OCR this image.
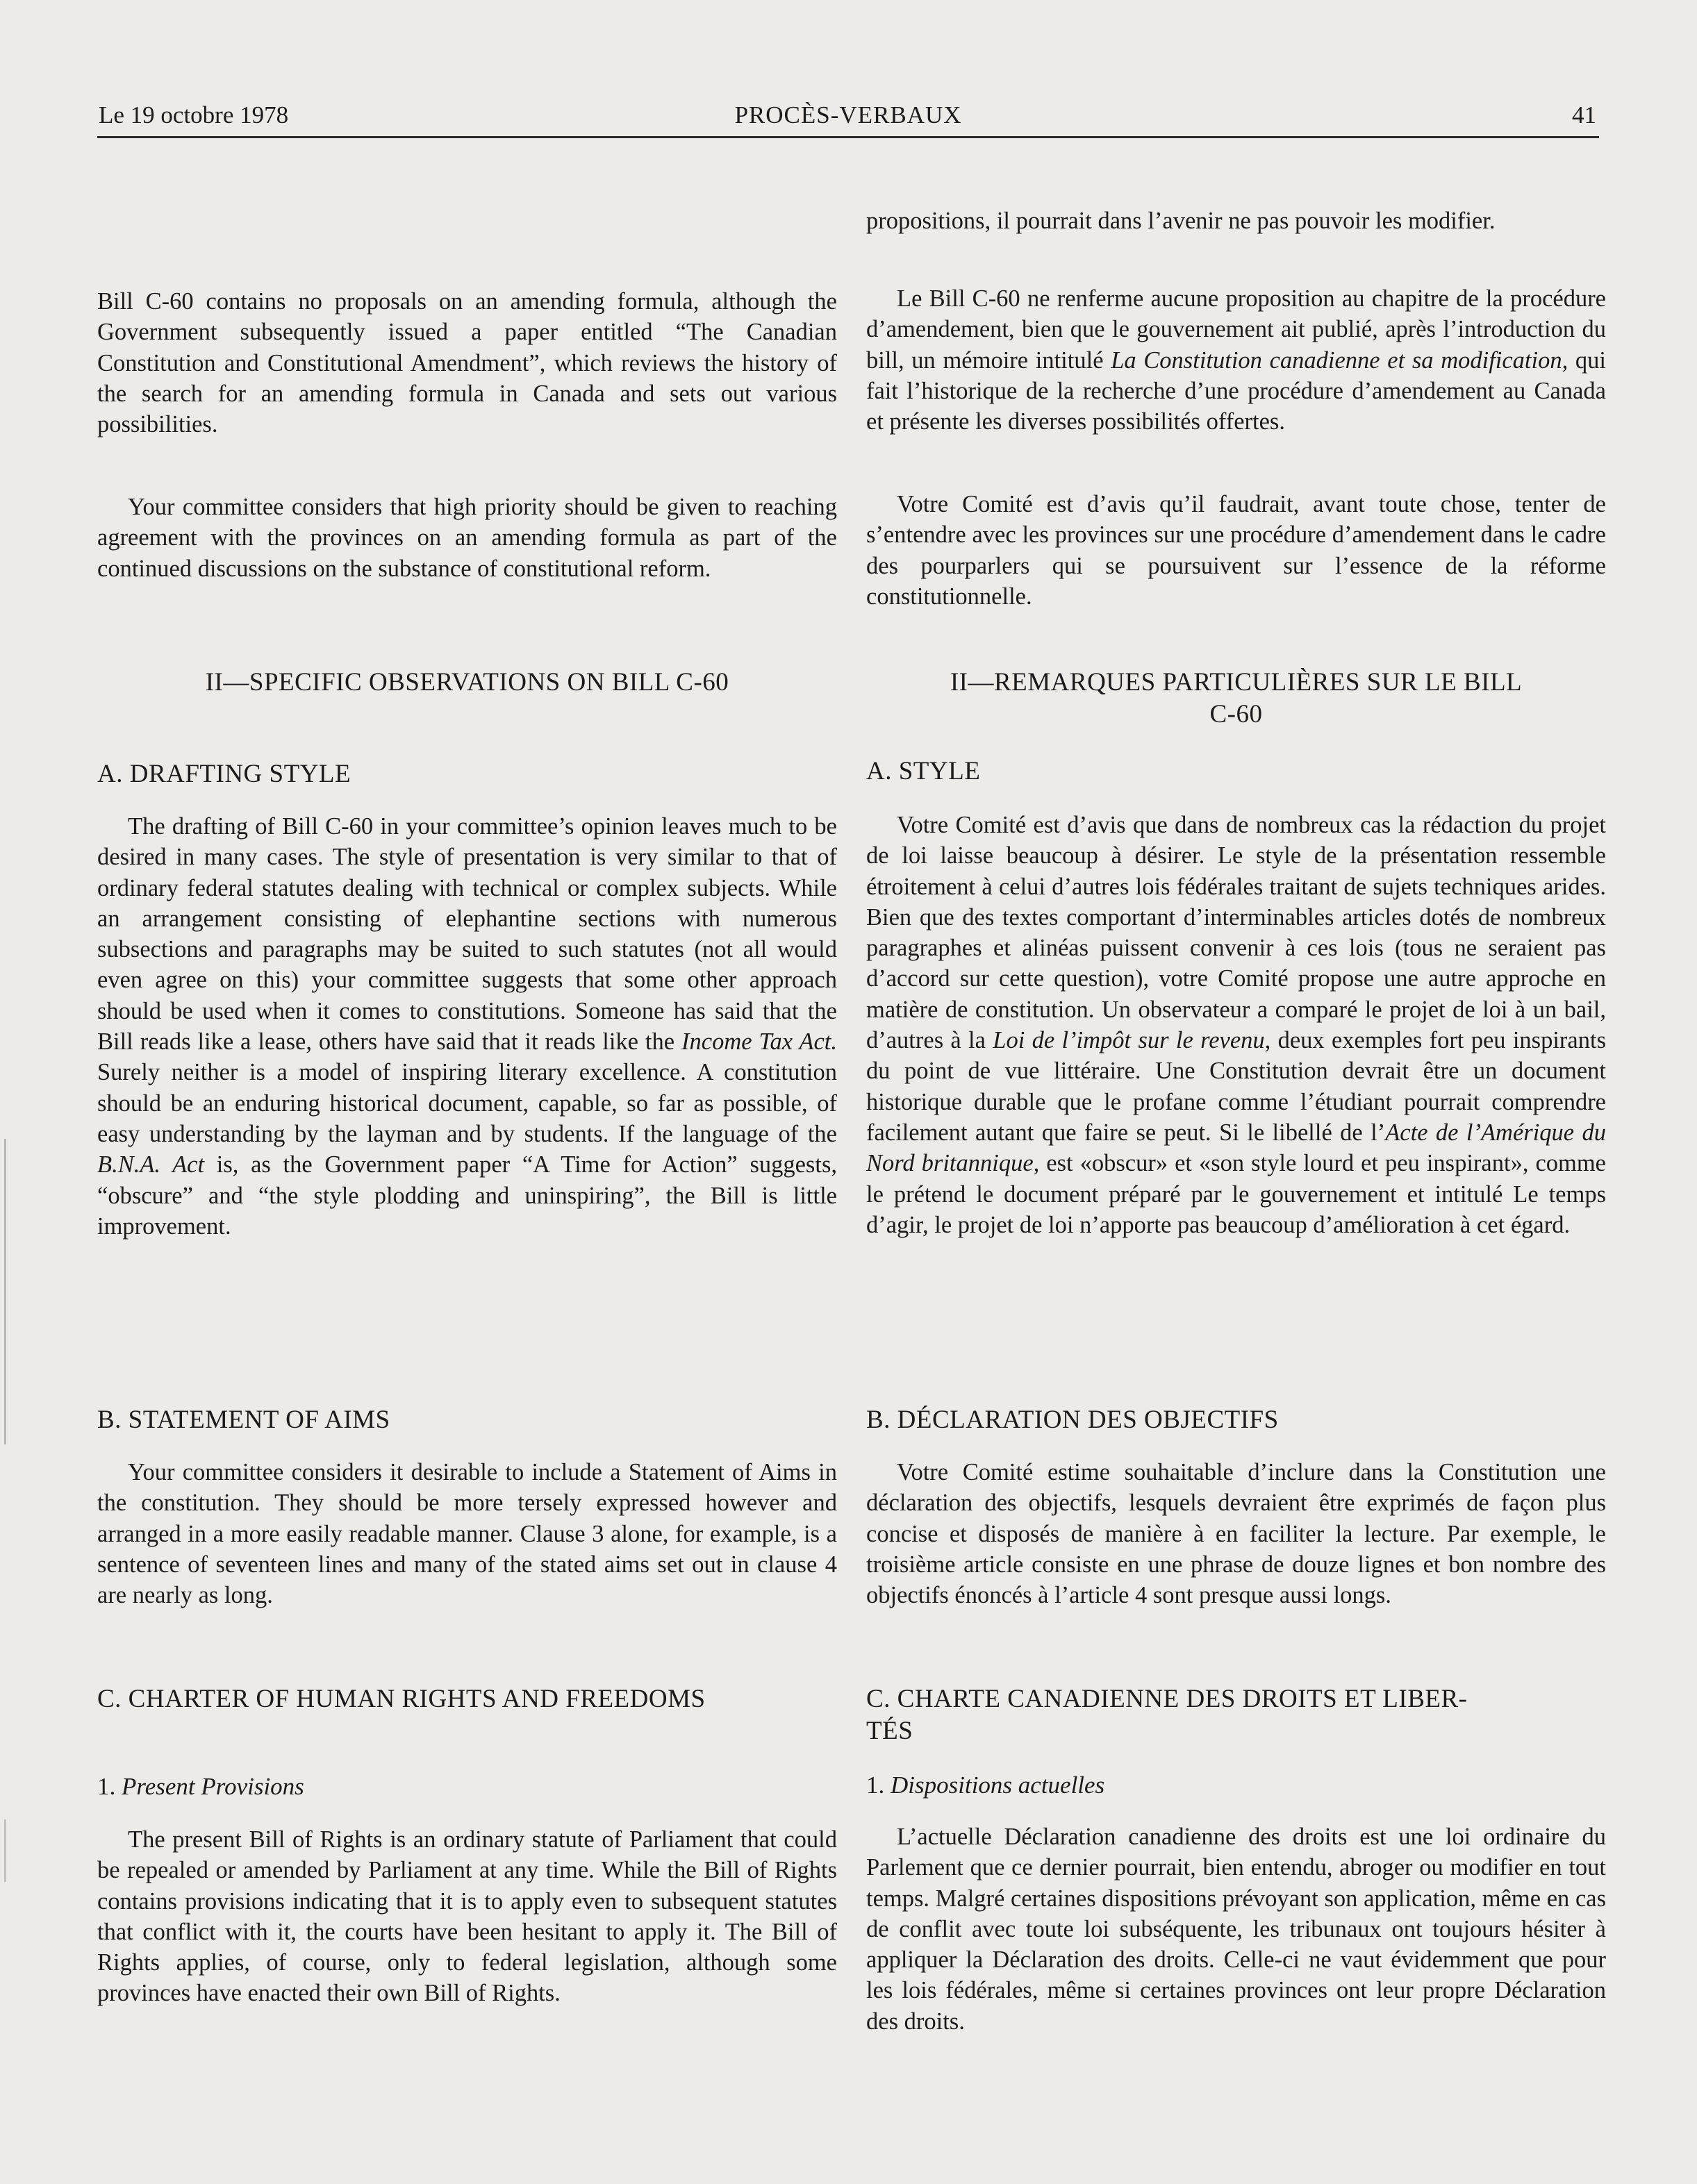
Le 19 octobre 1978	PROCÈS-VERBAUX	41

Bill C-60 contains no proposals on an amending formula, although the Government subsequently issued a paper entitled “The Canadian Constitution and Constitutional Amendment”, which reviews the history of the search for an amending formula in Canada and sets out various possibilities.

Your committee considers that high priority should be given to reaching agreement with the provinces on an amending formula as part of the continued discussions on the substance of constitutional reform.

II—SPECIFIC OBSERVATIONS ON BILL C-60

A. DRAFTING STYLE

The drafting of Bill C-60 in your committee’s opinion leaves much to be desired in many cases. The style of presentation is very similar to that of ordinary federal statutes dealing with technical or complex subjects. While an arrangement consisting of elephantine sections with numerous subsections and paragraphs may be suited to such statutes (not all would even agree on this) your committee suggests that some other approach should be used when it comes to constitutions. Someone has said that the Bill reads like a lease, others have said that it reads like the Income Tax Act. Surely neither is a model of inspiring literary excellence. A constitution should be an enduring historical document, capable, so far as possible, of easy understanding by the layman and by students. If the language of the B.N.A. Act is, as the Government paper “A Time for Action” suggests, “obscure” and “the style plodding and uninspiring”, the Bill is little improvement.

B. STATEMENT OF AIMS

Your committee considers it desirable to include a Statement of Aims in the constitution. They should be more tersely expressed however and arranged in a more easily readable manner. Clause 3 alone, for example, is a sentence of seventeen lines and many of the stated aims set out in clause 4 are nearly as long.

C. CHARTER OF HUMAN RIGHTS AND FREEDOMS

1. Present Provisions

The present Bill of Rights is an ordinary statute of Parliament that could be repealed or amended by Parliament at any time. While the Bill of Rights contains provisions indicating that it is to apply even to subsequent statutes that conflict with it, the courts have been hesitant to apply it. The Bill of Rights applies, of course, only to federal legislation, although some provinces have enacted their own Bill of Rights.

propositions, il pourrait dans l’avenir ne pas pouvoir les modifier.

Le Bill C-60 ne renferme aucune proposition au chapitre de la procédure d’amendement, bien que le gouvernement ait publié, après l’introduction du bill, un mémoire intitulé La Constitution canadienne et sa modification, qui fait l’historique de la recherche d’une procédure d’amendement au Canada et présente les diverses possibilités offertes.

Votre Comité est d’avis qu’il faudrait, avant toute chose, tenter de s’entendre avec les provinces sur une procédure d’amendement dans le cadre des pourparlers qui se poursuivent sur l’essence de la réforme constitutionnelle.

II—REMARQUES PARTICULIÈRES SUR LE BILL

C-60

A. STYLE

Votre Comité est d’avis que dans de nombreux cas la rédaction du projet de loi laisse beaucoup à désirer. Le style de la présentation ressemble étroitement à celui d’autres lois fédérales traitant de sujets techniques arides. Bien que des textes comportant d’interminables articles dotés de nombreux paragraphes et alinéas puissent convenir à ces lois (tous ne seraient pas d’accord sur cette question), votre Comité propose une autre approche en matière de constitution. Un observateur a comparé le projet de loi à un bail, d’autres à la Loi de l’impôt sur le revenu, deux exemples fort peu inspirants du point de vue littéraire. Une Constitution devrait être un document historique durable que le profane comme l’étudiant pourrait comprendre facilement autant que faire se peut. Si le libellé de l’Acte de l’Amérique du Nord britannique, est «obscur» et «son style lourd et peu inspirant», comme le prétend le document préparé par le gouvernement et intitulé Le temps d’agir, le projet de loi n’apporte pas beaucoup d’amélioration à cet égard.

B. DÉCLARATION DES OBJECTIFS

Votre Comité estime souhaitable d’inclure dans la Constitution une déclaration des objectifs, lesquels devraient être exprimés de façon plus concise et disposés de manière à en faciliter la lecture. Par exemple, le troisième article consiste en une phrase de douze lignes et bon nombre des objectifs énoncés à l’article 4 sont presque aussi longs.

C. CHARTE CANADIENNE DES DROITS ET LIBER-

TÉS

1. Dispositions actuelles

L’actuelle Déclaration canadienne des droits est une loi ordinaire du Parlement que ce dernier pourrait, bien entendu, abroger ou modifier en tout temps. Malgré certaines dispositions prévoyant son application, même en cas de conflit avec toute loi subséquente, les tribunaux ont toujours hésiter à appliquer la Déclaration des droits. Celle-ci ne vaut évidemment que pour les lois fédérales, même si certaines provinces ont leur propre Déclaration des droits.
